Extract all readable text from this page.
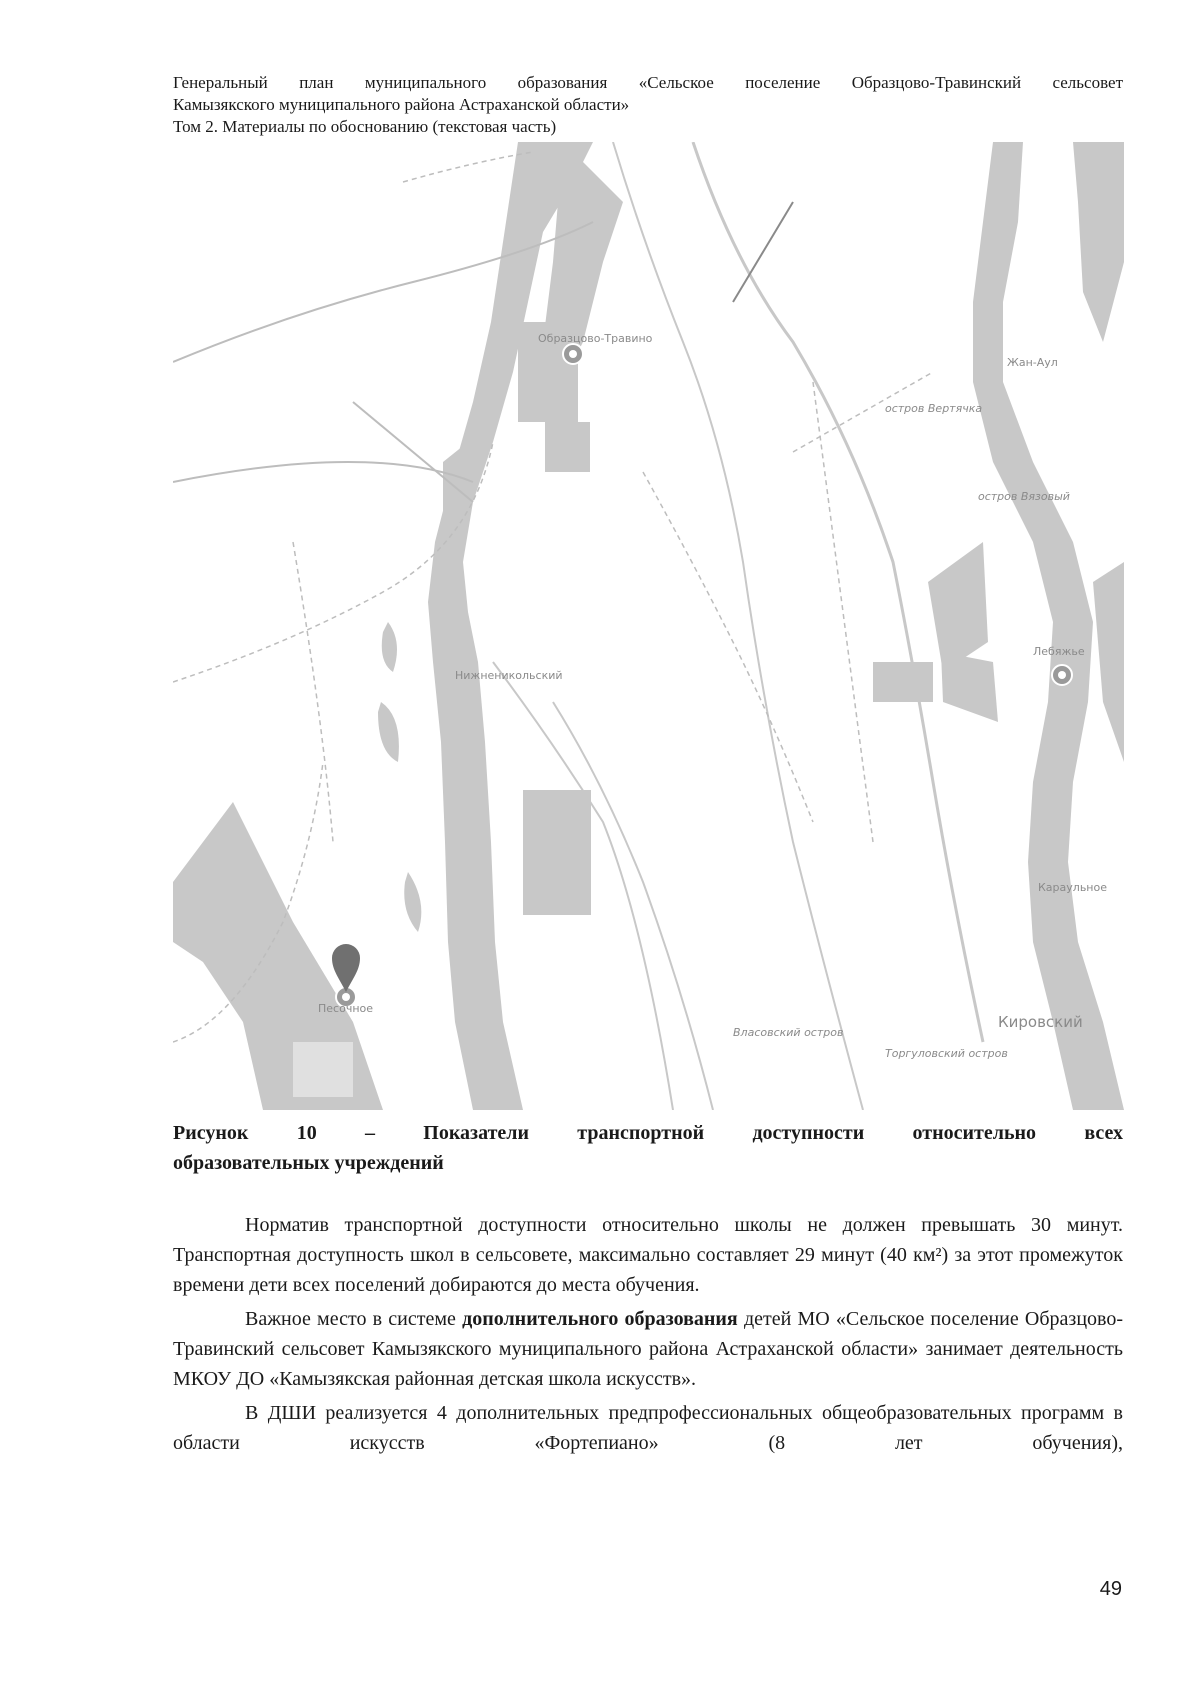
Генеральный план муниципального образования «Сельское поселение Образцово-Травинский сельсовет
Камызякского муниципального района Астраханской области»
Том 2. Материалы по обоснованию (текстовая часть)
Образцово-Травино
Жан-Аул
остров Вертячка
остров Вязовый
Лебяжье
Нижненикольский
Караульное
Власовский остров
Кировский
Торгуловский остров
Песочное
Рисунок 10 – Показатели транспортной доступности относительно всех
образовательных учреждений

Норматив транспортной доступности относительно школы не должен превышать 30 минут. Транспортная доступность школ в сельсовете, максимально составляет 29 минут (40 км²) за этот промежуток времени дети всех поселений добираются до места обучения.

Важное место в системе дополнительного образования детей МО «Сельское поселение Образцово-Травинский сельсовет Камызякского муниципального района Астраханской области» занимает деятельность МКОУ ДО «Камызякская районная детская школа искусств».

В ДШИ реализуется 4 дополнительных предпрофессиональных общеобразовательных программ в области искусств «Фортепиано» (8 лет обучения),

49
